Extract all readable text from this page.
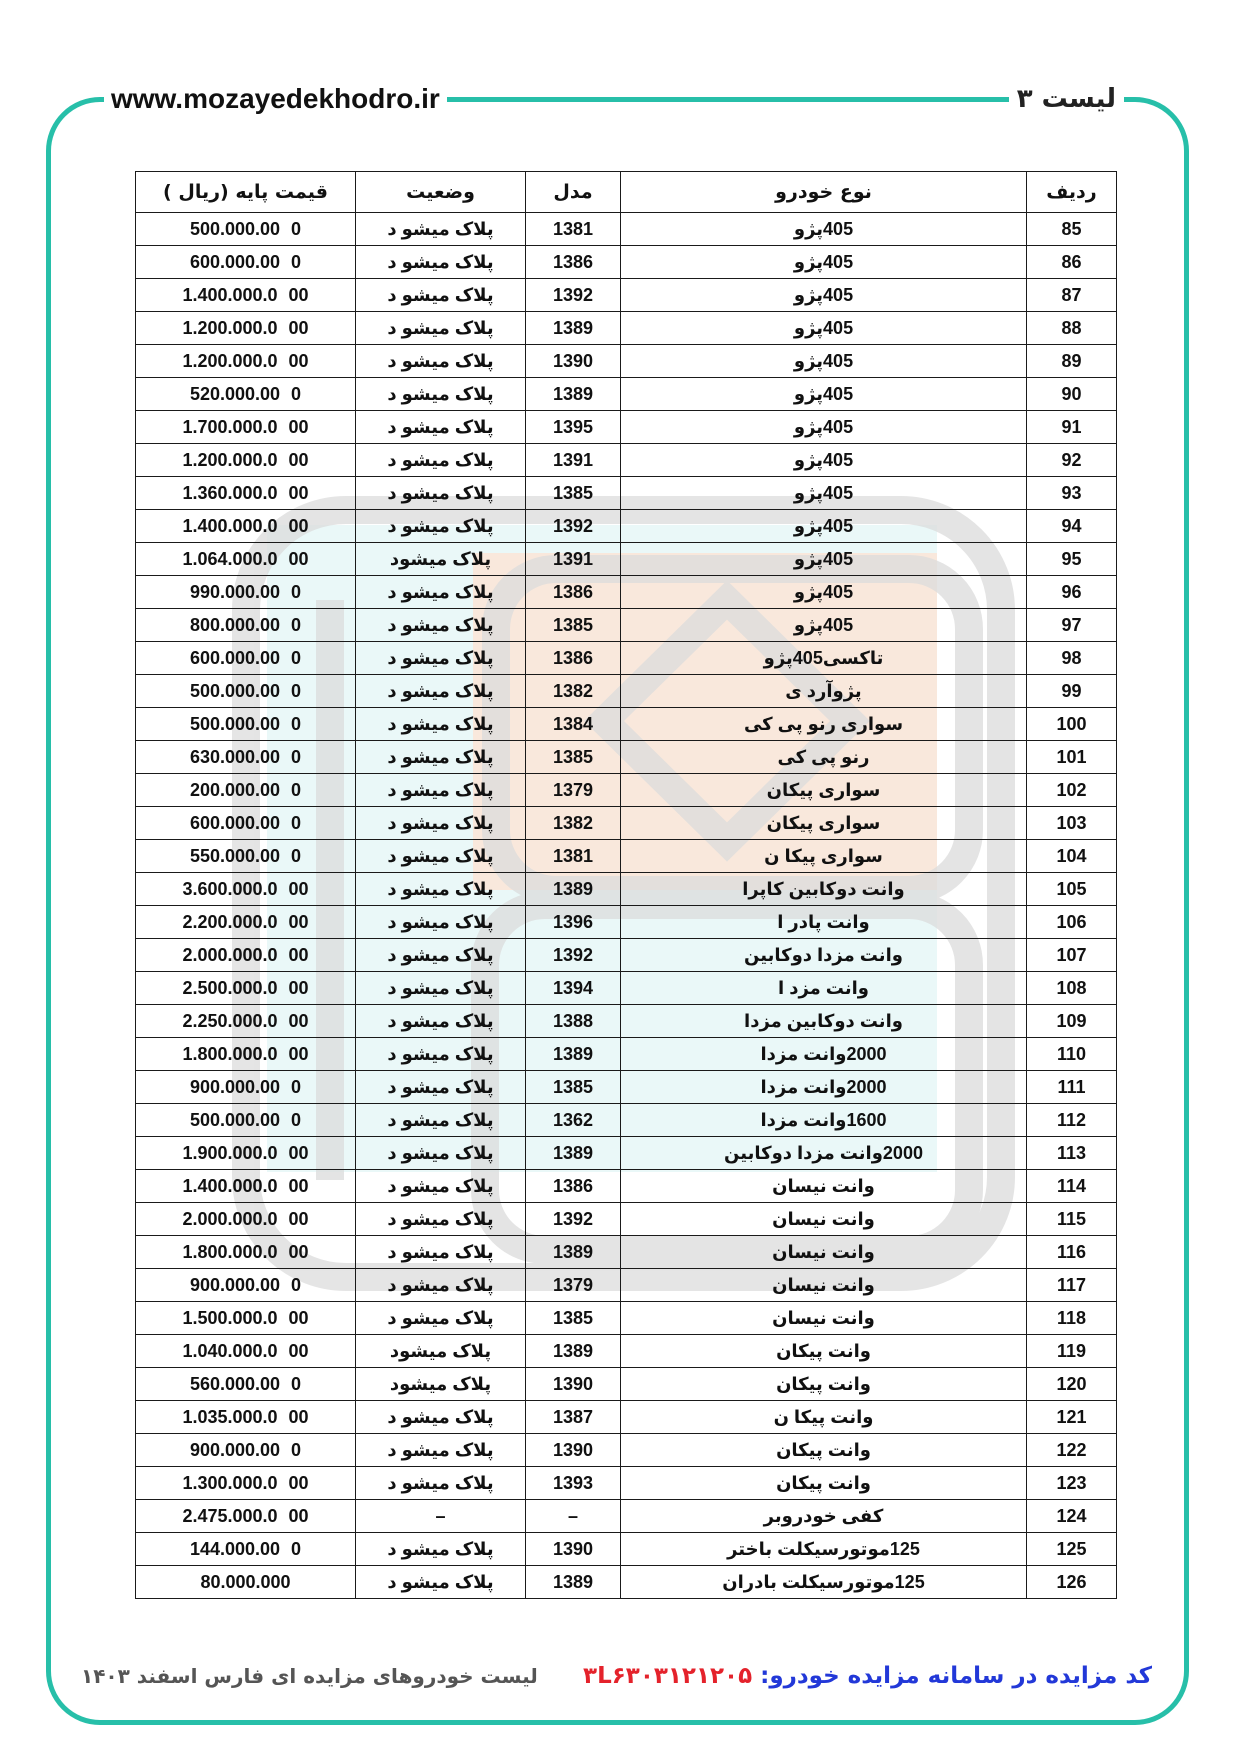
www.mozayedekhodro.ir	لیست ۳
ردیف	نوع خودرو	مدل	وضعیت	قیمت پایه (ریال )
85	405پژو	1381	پلاک میشو د	500.000.00 0
86	405پژو	1386	پلاک میشو د	600.000.00 0
87	405پژو	1392	پلاک میشو د	1.400.000.0 00
88	405پژو	1389	پلاک میشو د	1.200.000.0 00
89	405پژو	1390	پلاک میشو د	1.200.000.0 00
90	405پژو	1389	پلاک میشو د	520.000.00 0
91	405پژو	1395	پلاک میشو د	1.700.000.0 00
92	405پژو	1391	پلاک میشو د	1.200.000.0 00
93	405پژو	1385	پلاک میشو د	1.360.000.0 00
94	405پژو	1392	پلاک میشو د	1.400.000.0 00
95	405پژو	1391	پلاک میشود	1.064.000.0 00
96	405پژو	1386	پلاک میشو د	990.000.00 0
97	405پژو	1385	پلاک میشو د	800.000.00 0
98	تاکسی405پژو	1386	پلاک میشو د	600.000.00 0
99	پژوآرد ی	1382	پلاک میشو د	500.000.00 0
100	سواری رنو پی کی	1384	پلاک میشو د	500.000.00 0
101	رنو پی کی	1385	پلاک میشو د	630.000.00 0
102	سواری پیکان	1379	پلاک میشو د	200.000.00 0
103	سواری پیکان	1382	پلاک میشو د	600.000.00 0
104	سواری پیکا ن	1381	پلاک میشو د	550.000.00 0
105	وانت دوکابین کاپرا	1389	پلاک میشو د	3.600.000.0 00
106	وانت پادر ا	1396	پلاک میشو د	2.200.000.0 00
107	وانت مزدا دوکابین	1392	پلاک میشو د	2.000.000.0 00
108	وانت مزد ا	1394	پلاک میشو د	2.500.000.0 00
109	وانت دوکابین مزدا	1388	پلاک میشو د	2.250.000.0 00
110	2000وانت مزدا	1389	پلاک میشو د	1.800.000.0 00
111	2000وانت مزدا	1385	پلاک میشو د	900.000.00 0
112	1600وانت مزدا	1362	پلاک میشو د	500.000.00 0
113	2000وانت مزدا دوکابین	1389	پلاک میشو د	1.900.000.0 00
114	وانت نیسان	1386	پلاک میشو د	1.400.000.0 00
115	وانت نیسان	1392	پلاک میشو د	2.000.000.0 00
116	وانت نیسان	1389	پلاک میشو د	1.800.000.0 00
117	وانت نیسان	1379	پلاک میشو د	900.000.00 0
118	وانت نیسان	1385	پلاک میشو د	1.500.000.0 00
119	وانت پیکان	1389	پلاک میشود	1.040.000.0 00
120	وانت پیکان	1390	پلاک میشود	560.000.00 0
121	وانت پیکا ن	1387	پلاک میشو د	1.035.000.0 00
122	وانت پیکان	1390	پلاک میشو د	900.000.00 0
123	وانت پیکان	1393	پلاک میشو د	1.300.000.0 00
124	کفی خودروبر	–	–	2.475.000.0 00
125	125موتورسیکلت باختر	1390	پلاک میشو د	144.000.00 0
126	125موتورسیکلت بادران	1389	پلاک میشو د	80.000.000
کد مزایده در سامانه مزایده خودرو: ۳L۶۳۰۳۱۲۱۲۰۵
لیست خودروهای مزایده ای فارس اسفند ۱۴۰۳
